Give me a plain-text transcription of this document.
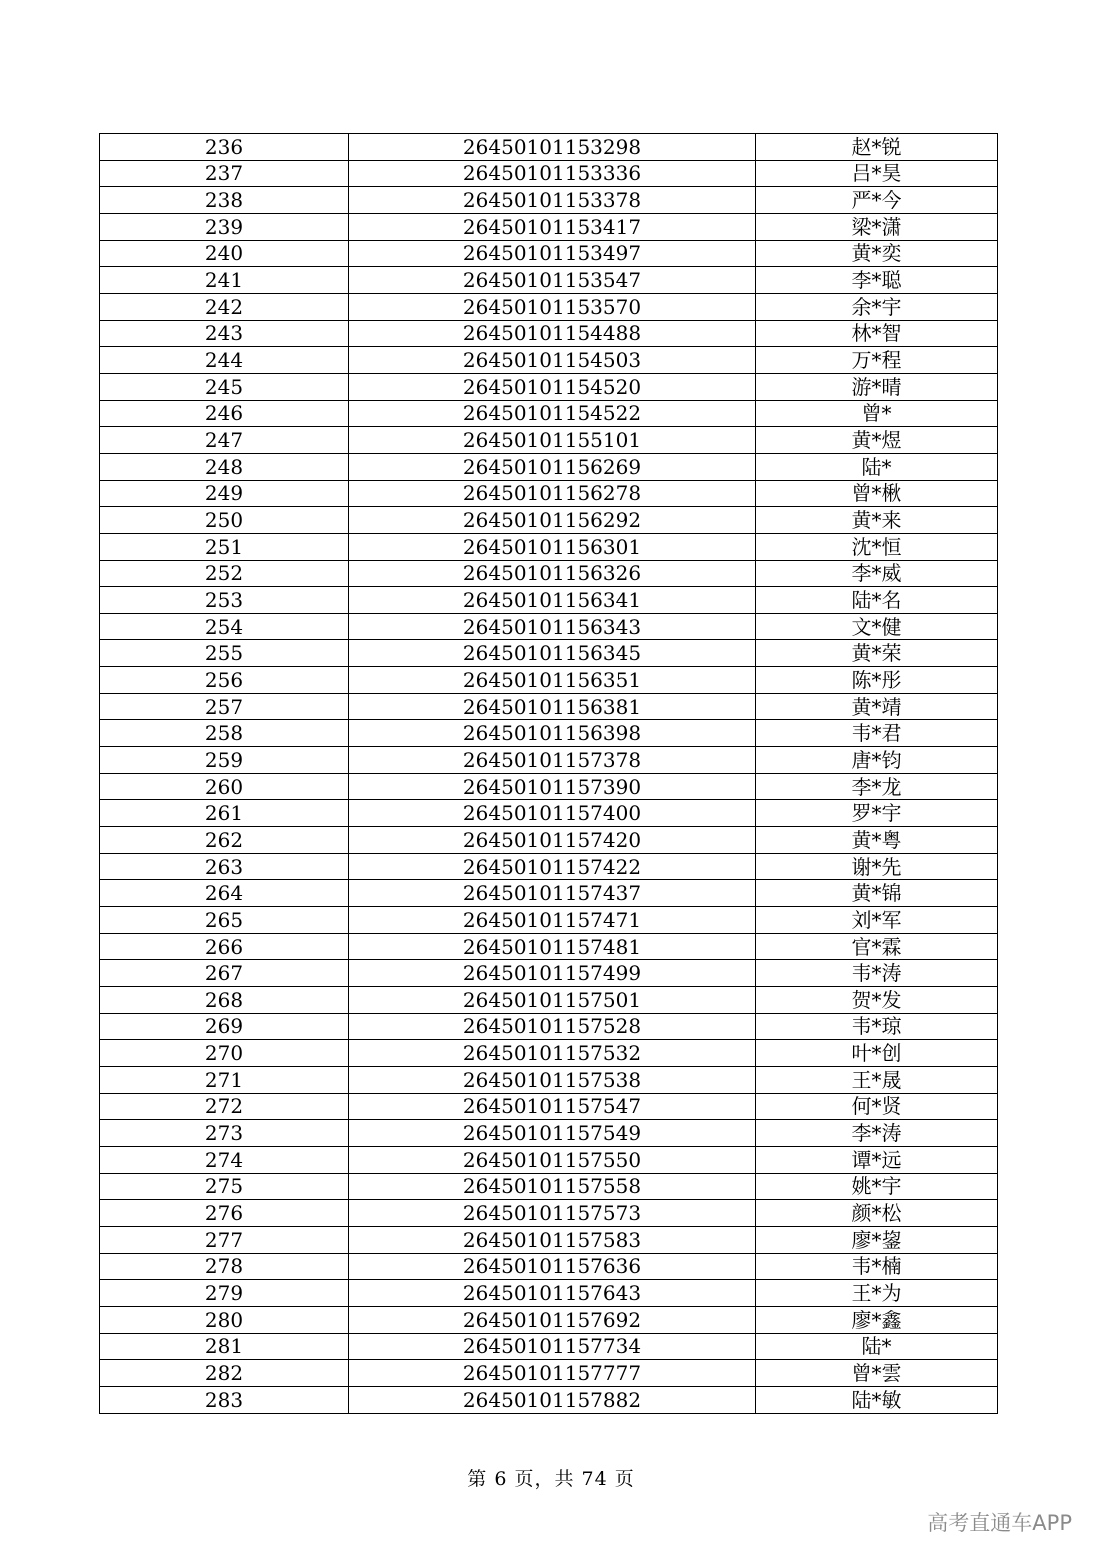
236	26450101153298	赵*锐
237	26450101153336	吕*昊
238	26450101153378	严*今
239	26450101153417	梁*潇
240	26450101153497	黄*奕
241	26450101153547	李*聪
242	26450101153570	余*宇
243	26450101154488	林*智
244	26450101154503	万*程
245	26450101154520	游*晴
246	26450101154522	曾*
247	26450101155101	黄*煜
248	26450101156269	陆*
249	26450101156278	曾*楸
250	26450101156292	黄*来
251	26450101156301	沈*恒
252	26450101156326	李*威
253	26450101156341	陆*名
254	26450101156343	文*健
255	26450101156345	黄*荣
256	26450101156351	陈*彤
257	26450101156381	黄*靖
258	26450101156398	韦*君
259	26450101157378	唐*钧
260	26450101157390	李*龙
261	26450101157400	罗*宇
262	26450101157420	黄*粤
263	26450101157422	谢*先
264	26450101157437	黄*锦
265	26450101157471	刘*军
266	26450101157481	官*霖
267	26450101157499	韦*涛
268	26450101157501	贺*发
269	26450101157528	韦*琼
270	26450101157532	叶*创
271	26450101157538	王*晟
272	26450101157547	何*贤
273	26450101157549	李*涛
274	26450101157550	谭*远
275	26450101157558	姚*宇
276	26450101157573	颜*松
277	26450101157583	廖*鋆
278	26450101157636	韦*楠
279	26450101157643	王*为
280	26450101157692	廖*鑫
281	26450101157734	陆*
282	26450101157777	曾*雲
283	26450101157882	陆*敏
第 6 页，共 74 页
高考直通车APP
